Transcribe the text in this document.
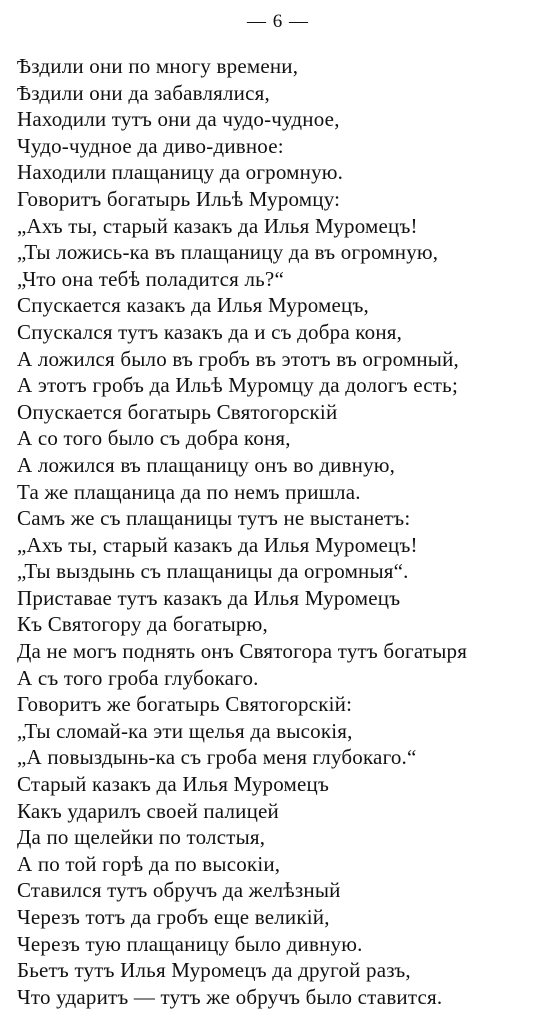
— 6 —
Ѣздили они по многу времени,
Ѣздили они да забавлялися,
Находили тутъ они да чудо-чудное,
Чудо-чудное да диво-дивное:
Находили плащаницу да огромную.
Говоритъ богатырь Ильѣ Муромцу:
„Ахъ ты, старый казакъ да Илья Муромецъ!
„Ты ложись-ка въ плащаницу да въ огромную,
„Что она тебѣ поладится ль?“
Спускается казакъ да Илья Муромецъ,
Спускался тутъ казакъ да и съ добра коня,
А ложился было въ гробъ въ этотъ въ огромный,
А этотъ гробъ да Ильѣ Муромцу да дологъ есть;
Опускается богатырь Святогорскій
А со того было съ добра коня,
А ложился въ плащаницу онъ во дивную,
Та же плащаница да по немъ пришла.
Самъ же съ плащаницы тутъ не выстанетъ:
„Ахъ ты, старый казакъ да Илья Муромецъ!
„Ты выздынь съ плащаницы да огромныя“.
Приставае тутъ казакъ да Илья Муромецъ
Къ Святогору да богатырю,
Да не могъ поднять онъ Святогора тутъ богатыря
А съ того гроба глубокаго.
Говоритъ же богатырь Святогорскій:
„Ты сломай-ка эти щелья да высокія,
„А повыздынь-ка съ гроба меня глубокаго.“
Старый казакъ да Илья Муромецъ
Какъ ударилъ своей палицей
Да по щелейки по толстыя,
А по той горѣ да по высокіи,
Ставился тутъ обручъ да желѣзный
Черезъ тотъ да гробъ еще великій,
Черезъ тую плащаницу было дивную.
Бьетъ тутъ Илья Муромецъ да другой разъ,
Что ударитъ — тутъ же обручъ было ставится.
